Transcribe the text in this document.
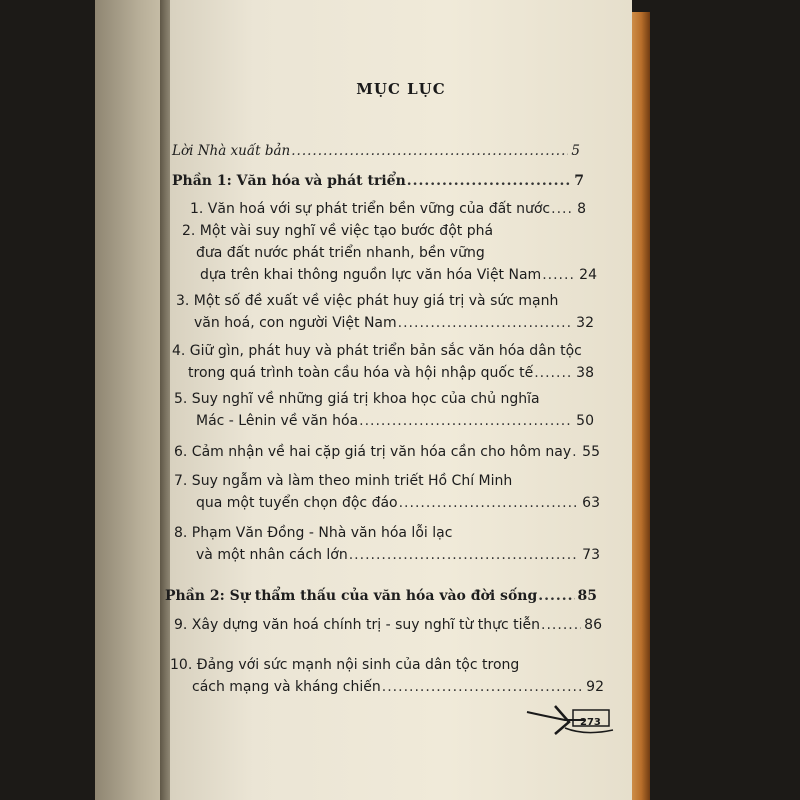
MỤC LỤC
Lời Nhà xuất bản .....	5
Phần 1: Văn hóa và phát triển .....	7
1. Văn hoá với sự phát triển bền vững của đất nước ..... 8
2. Một vài suy nghĩ về việc tạo bước đột phá
đưa đất nước phát triển nhanh, bền vững
dựa trên khai thông nguồn lực văn hóa Việt Nam .....	24
3. Một số đề xuất về việc phát huy giá trị và sức mạnh
văn hoá, con người Việt Nam .....	32
4. Giữ gìn, phát huy và phát triển bản sắc văn hóa dân tộc
trong quá trình toàn cầu hóa và hội nhập quốc tế .....	38
5. Suy nghĩ về những giá trị khoa học của chủ nghĩa
Mác - Lênin về văn hóa .....	50
6. Cảm nhận về hai cặp giá trị văn hóa cần cho hôm nay ..... 55
7. Suy ngẫm và làm theo minh triết Hồ Chí Minh
qua một tuyển chọn độc đáo .....	63
8. Phạm Văn Đồng - Nhà văn hóa lỗi lạc
và một nhân cách lớn .....	73
Phần 2: Sự thẩm thấu của văn hóa vào đời sống .....	85
9. Xây dựng văn hoá chính trị - suy nghĩ từ thực tiễn .....	86
10. Đảng với sức mạnh nội sinh của dân tộc trong
cách mạng và kháng chiến .....	92
273
